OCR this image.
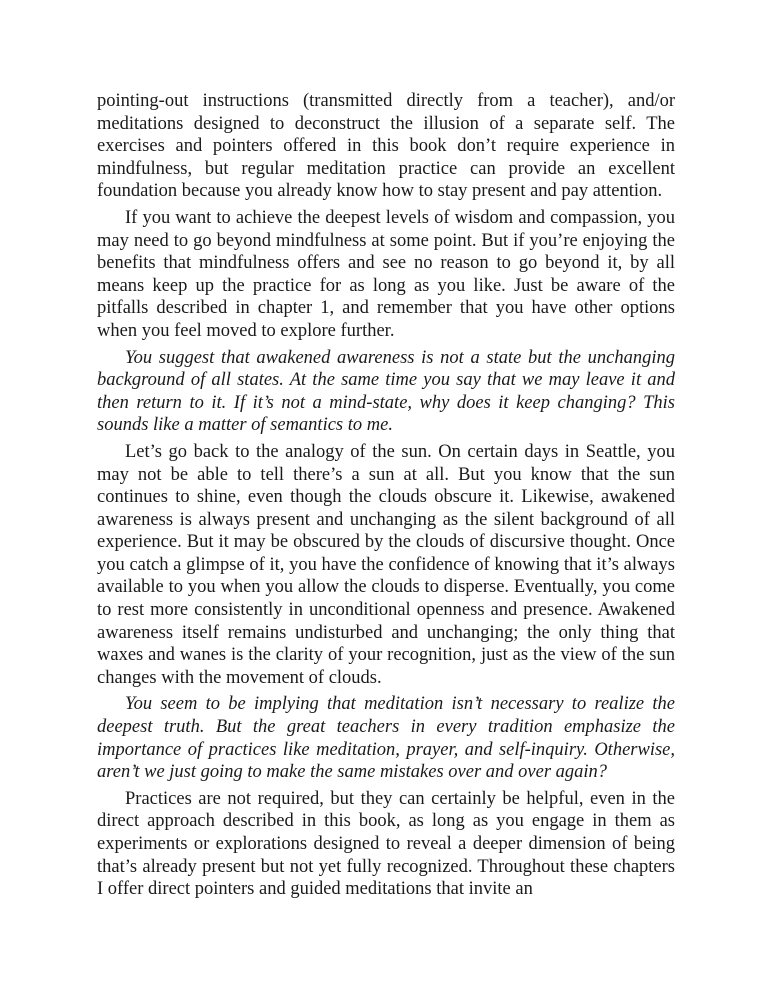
pointing-out instructions (transmitted directly from a teacher), and/or meditations designed to deconstruct the illusion of a separate self. The exercises and pointers offered in this book don’t require experience in mindfulness, but regular meditation practice can provide an excellent foundation because you already know how to stay present and pay attention.

If you want to achieve the deepest levels of wisdom and compassion, you may need to go beyond mindfulness at some point. But if you’re enjoying the benefits that mindfulness offers and see no reason to go beyond it, by all means keep up the practice for as long as you like. Just be aware of the pitfalls described in chapter 1, and remember that you have other options when you feel moved to explore further.

You suggest that awakened awareness is not a state but the unchanging background of all states. At the same time you say that we may leave it and then return to it. If it’s not a mind-state, why does it keep changing? This sounds like a matter of semantics to me.

Let’s go back to the analogy of the sun. On certain days in Seattle, you may not be able to tell there’s a sun at all. But you know that the sun continues to shine, even though the clouds obscure it. Likewise, awakened awareness is always present and unchanging as the silent background of all experience. But it may be obscured by the clouds of discursive thought. Once you catch a glimpse of it, you have the confidence of knowing that it’s always available to you when you allow the clouds to disperse. Eventually, you come to rest more consistently in unconditional openness and presence. Awakened awareness itself remains undisturbed and unchanging; the only thing that waxes and wanes is the clarity of your recognition, just as the view of the sun changes with the movement of clouds.

You seem to be implying that meditation isn’t necessary to realize the deepest truth. But the great teachers in every tradition emphasize the importance of practices like meditation, prayer, and self-inquiry. Otherwise, aren’t we just going to make the same mistakes over and over again?

Practices are not required, but they can certainly be helpful, even in the direct approach described in this book, as long as you engage in them as experiments or explorations designed to reveal a deeper dimension of being that’s already present but not yet fully recognized. Throughout these chapters I offer direct pointers and guided meditations that invite an
